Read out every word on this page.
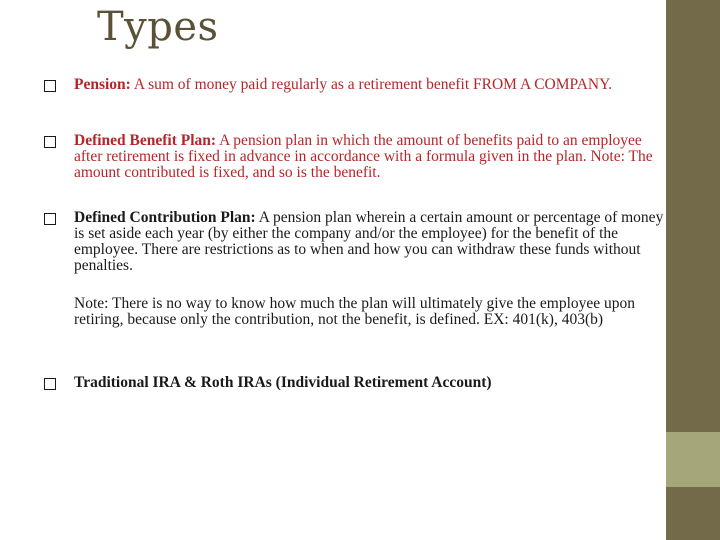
Types
Pension: A sum of money paid regularly as a retirement benefit FROM A COMPANY.
Defined Benefit Plan: A pension plan in which the amount of benefits paid to an employee after retirement is fixed in advance in accordance with a formula given in the plan. Note: The amount contributed is fixed, and so is the benefit.
Defined Contribution Plan: A pension plan wherein a certain amount or percentage of money is set aside each year (by either the company and/or the employee) for the benefit of the employee. There are restrictions as to when and how you can withdraw these funds without penalties.
Note: There is no way to know how much the plan will ultimately give the employee upon retiring, because only the contribution, not the benefit, is defined. EX: 401(k), 403(b)
Traditional IRA & Roth IRAs (Individual Retirement Account)
